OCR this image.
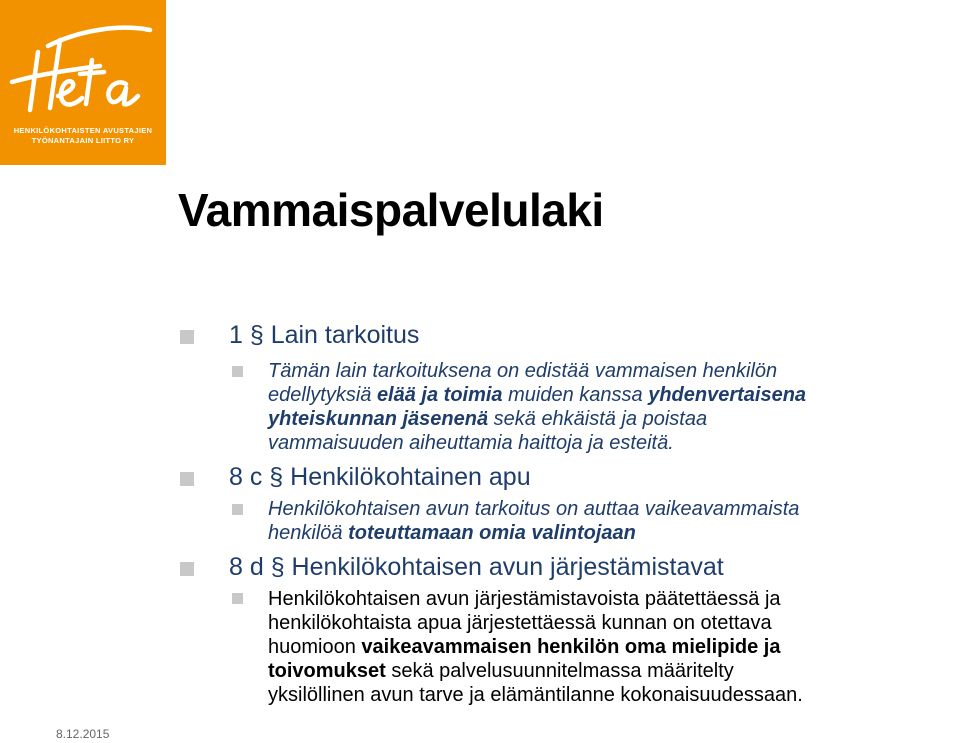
HENKILÖKOHTAISTEN AVUSTAJIEN
TYÖNANTAJAIN LIITTO RY
Vammaispalvelulaki
1 § Lain tarkoitus
Tämän lain tarkoituksena on edistää vammaisen henkilön
edellytyksiä elää ja toimia muiden kanssa yhdenvertaisena
yhteiskunnan jäsenenä sekä ehkäistä ja poistaa
vammaisuuden aiheuttamia haittoja ja esteitä.
8 c § Henkilökohtainen apu
Henkilökohtaisen avun tarkoitus on auttaa vaikeavammaista
henkilöä toteuttamaan omia valintojaan
8 d § Henkilökohtaisen avun järjestämistavat
Henkilökohtaisen avun järjestämistavoista päätettäessä ja
henkilökohtaista apua järjestettäessä kunnan on otettava
huomioon vaikeavammaisen henkilön oma mielipide ja
toivomukset sekä palvelusuunnitelmassa määritelty
yksilöllinen avun tarve ja elämäntilanne kokonaisuudessaan.
8.12.2015
